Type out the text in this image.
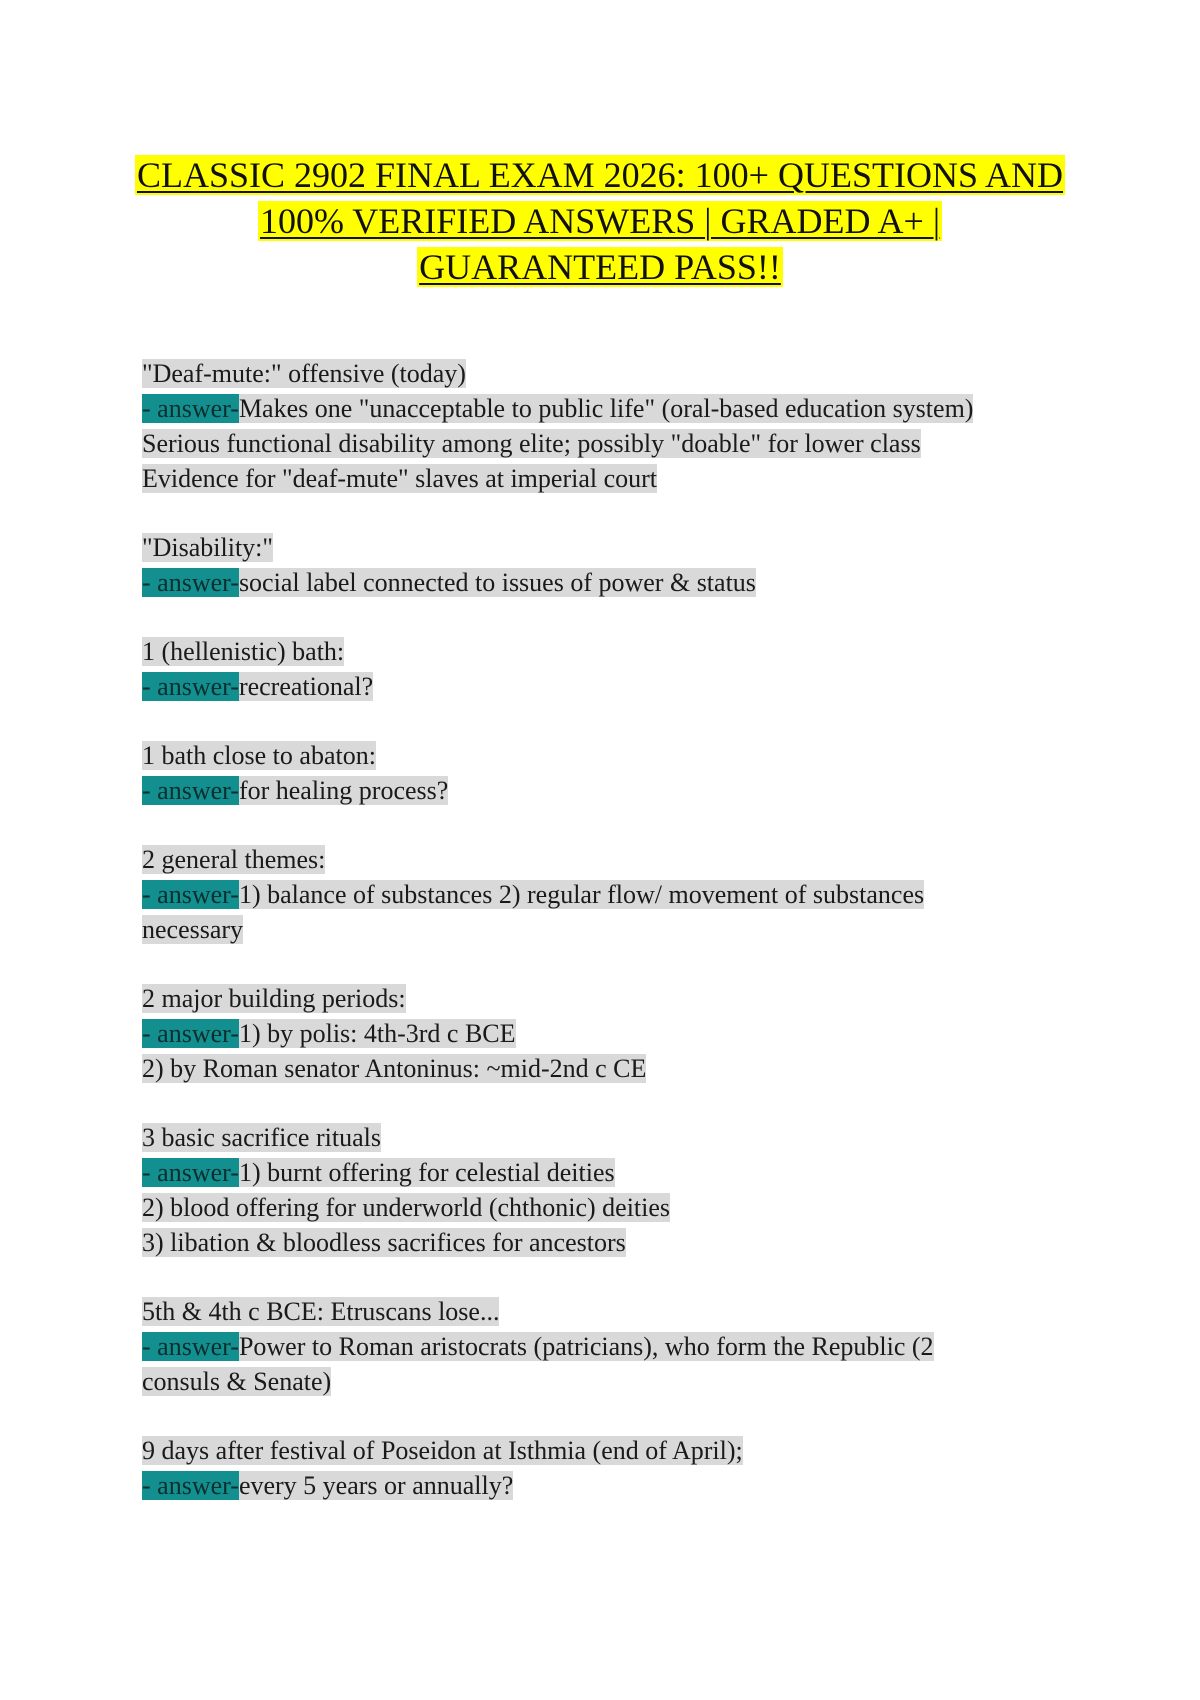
CLASSIC 2902 FINAL EXAM 2026: 100+ QUESTIONS AND
100% VERIFIED ANSWERS | GRADED A+ |
GUARANTEED PASS!!
"Deaf-mute:" offensive (today)
- answer-Makes one "unacceptable to public life" (oral-based education system)
Serious functional disability among elite; possibly "doable" for lower class
Evidence for "deaf-mute" slaves at imperial court
"Disability:"
- answer-social label connected to issues of power & status
1 (hellenistic) bath:
- answer-recreational?
1 bath close to abaton:
- answer-for healing process?
2 general themes:
- answer-1) balance of substances 2) regular flow/ movement of substances
necessary
2 major building periods:
- answer-1) by polis: 4th-3rd c BCE
2) by Roman senator Antoninus: ~mid-2nd c CE
3 basic sacrifice rituals
- answer-1) burnt offering for celestial deities
2) blood offering for underworld (chthonic) deities
3) libation & bloodless sacrifices for ancestors
5th & 4th c BCE: Etruscans lose...
- answer-Power to Roman aristocrats (patricians), who form the Republic (2
consuls & Senate)
9 days after festival of Poseidon at Isthmia (end of April);
- answer-every 5 years or annually?
